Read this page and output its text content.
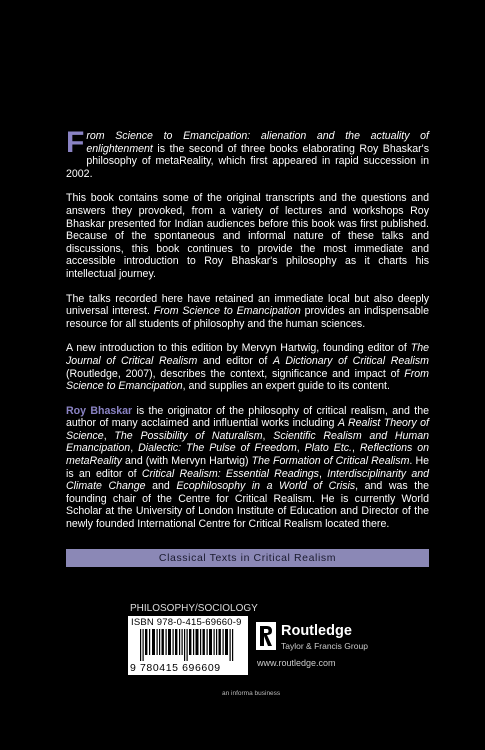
From Science to Emancipation: alienation and the actuality of enlightenment is the second of three books elaborating Roy Bhaskar's philosophy of metaReality, which first appeared in rapid succession in 2002.

This book contains some of the original transcripts and the questions and answers they provoked, from a variety of lectures and workshops Roy Bhaskar presented for Indian audiences before this book was first published. Because of the spontaneous and informal nature of these talks and discussions, this book continues to provide the most immediate and accessible introduction to Roy Bhaskar's philosophy as it charts his intellectual journey.

The talks recorded here have retained an immediate local but also deeply universal interest. From Science to Emancipation provides an indispensable resource for all students of philosophy and the human sciences.

A new introduction to this edition by Mervyn Hartwig, founding editor of The Journal of Critical Realism and editor of A Dictionary of Critical Realism (Routledge, 2007), describes the context, significance and impact of From Science to Emancipation, and supplies an expert guide to its content.

Roy Bhaskar is the originator of the philosophy of critical realism, and the author of many acclaimed and influential works including A Realist Theory of Science, The Possibility of Naturalism, Scientific Realism and Human Emancipation, Dialectic: The Pulse of Freedom, Plato Etc., Reflections on metaReality and (with Mervyn Hartwig) The Formation of Critical Realism. He is an editor of Critical Realism: Essential Readings, Interdisciplinarity and Climate Change and Ecophilosophy in a World of Crisis, and was the founding chair of the Centre for Critical Realism. He is currently World Scholar at the University of London Institute of Education and Director of the newly founded International Centre for Critical Realism located there.

Classical Texts in Critical Realism
PHILOSOPHY/SOCIOLOGY
ISBN 978-0-415-69660-9
9 780415 696609
Routledge
Taylor & Francis Group
www.routledge.com
an informa business
